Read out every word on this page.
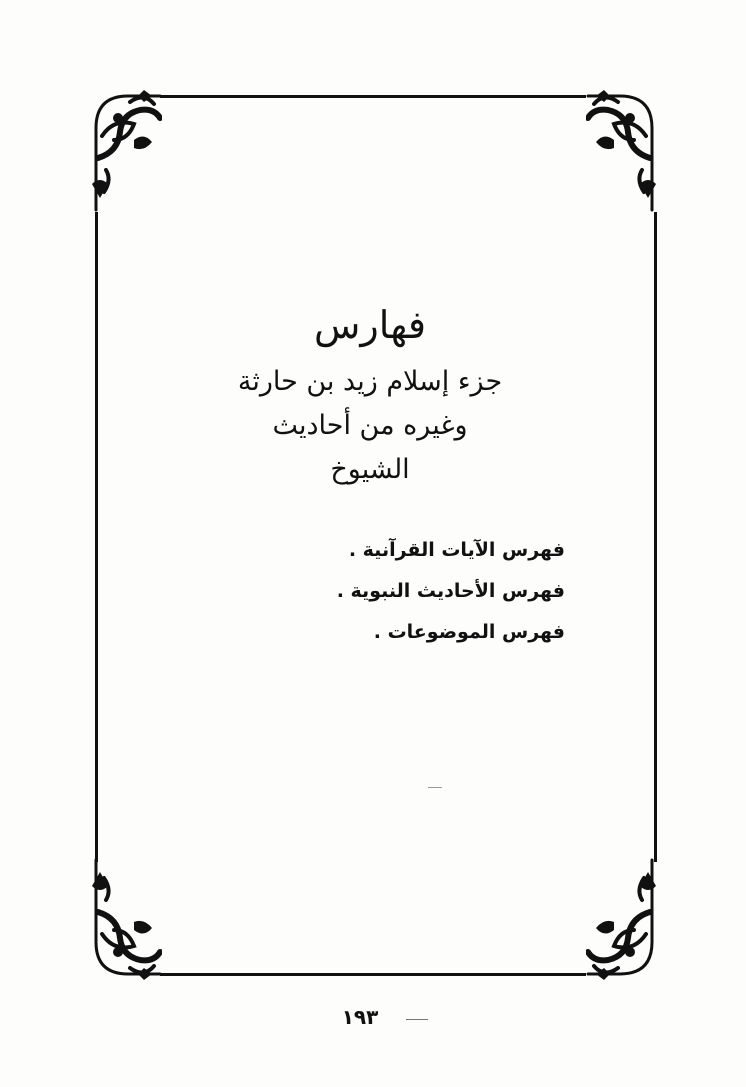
فهارس

جزء إسلام زيد بن حارثة

وغيره من أحاديث الشيوخ

فهرس الآيات القرآنية .
فهرس الأحاديث النبوية .
فهرس الموضوعات .
١٩٣
